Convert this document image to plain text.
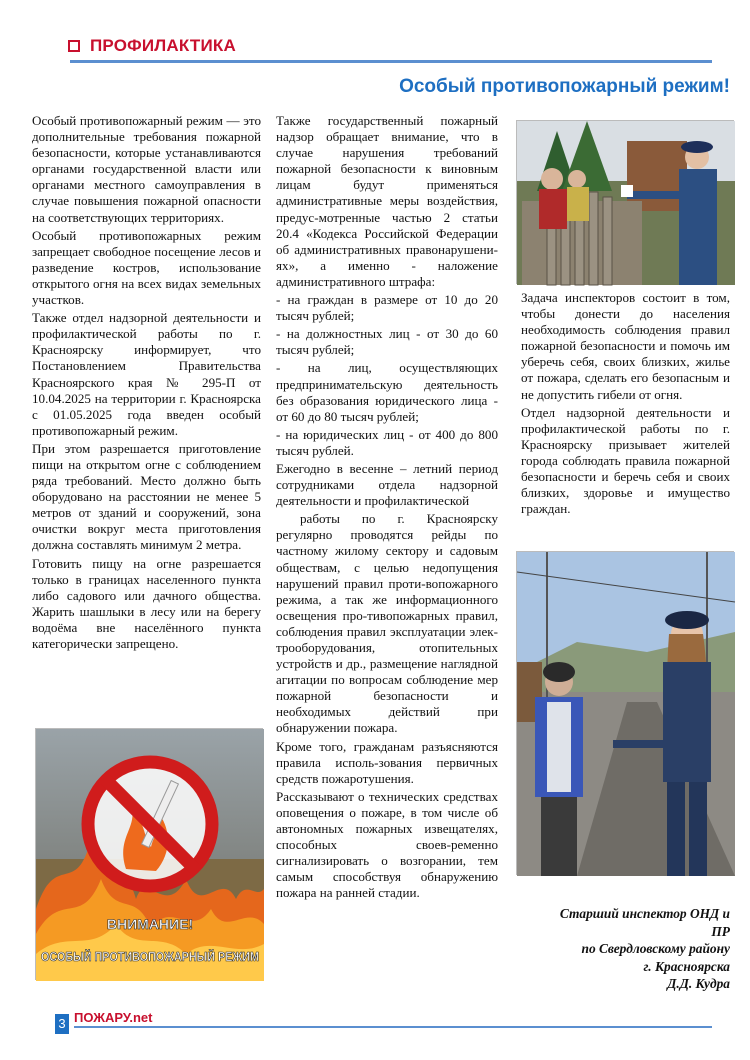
ПРОФИЛАКТИКА
Особый противопожарный режим!

Особый противопожарный режим — это дополнительные требования пожарной безопасности, которые устанавливаются органами государственной власти или органами местного самоуправления в случае повышения пожарной опасности на соответствующих территориях.

Особый противопожарных режим запрещает свободное посещение лесов и разведение костров, использование открытого огня на всех видах земельных участков.

Также отдел надзорной деятельности и профилактической работы по г. Красноярску информирует, что Постановлением Правительства Красноярского края № 295-П от 10.04.2025 на территории г. Красноярска с 01.05.2025 года введен особый противопожарный режим.

При этом разрешается приготовление пищи на открытом огне с соблюдением ряда требований. Место должно быть оборудовано на расстоянии не менее 5 метров от зданий и сооружений, зона очистки вокруг места приготовления должна составлять минимум 2 метра.

Готовить пищу на огне разрешается только в границах населенного пункта либо садового или дачного общества. Жарить шашлыки в лесу или на берегу водоёма вне населённого пункта категорически запрещено.

Также государственный пожарный надзор обращает внимание, что в случае нарушения требований пожарной безопасности к виновным лицам будут применяться административные меры воздействия, предус-мотренные частью 2 статьи 20.4 «Кодекса Российской Федерации об административных правонарушени-ях», а именно - наложение административного штрафа:

- на граждан в размере от 10 до 20 тысяч рублей;

- на должностных лиц - от 30 до 60 тысяч рублей;

- на лиц, осуществляющих предпринимательскую деятельность без образования юридического лица - от 60 до 80 тысяч рублей;

- на юридических лиц - от 400 до 800 тысяч рублей.

Ежегодно в весенне – летний период сотрудниками отдела надзорной деятельности и профилактической

работы по г. Красноярску регулярно проводятся рейды по частному жилому сектору и садовым обществам, с целью недопущения нарушений правил проти-вопожарного режима, а так же информационного освещения про-тивопожарных правил, соблюдения правил эксплуатации элек-трооборудования, отопительных устройств и др., размещение наглядной агитации по вопросам соблюдение мер пожарной безопасности и необходимых действий при обнаружении пожара.

Кроме того, гражданам разъясняются правила исполь-зования первичных средств пожаротушения.

Рассказывают о технических средствах оповещения о пожаре, в том числе об автономных пожарных извещателях, способных своев-ременно сигнализировать о возгорании, тем самым способствуя обнаружению пожара на ранней стадии.

Задача инспекторов состоит в том, чтобы донести до населения необходимость соблюдения правил пожарной безопасности и помочь им уберечь себя, своих близких, жилье от пожара, сделать его безопасным и не допустить гибели от огня.

Отдел надзорной деятельности и профилактической работы по г. Красноярску призывает жителей города соблюдать правила пожарной безопасности и беречь себя и своих близких, здоровье и имущество граждан.

ВНИМАНИЕ!
ОСОБЫЙ ПРОТИВОПОЖАРНЫЙ РЕЖИМ
Старший инспектор ОНД и
ПР
по Свердловскому району
г. Красноярска
Д.Д. Кудра
3 ПОЖАРУ.net
